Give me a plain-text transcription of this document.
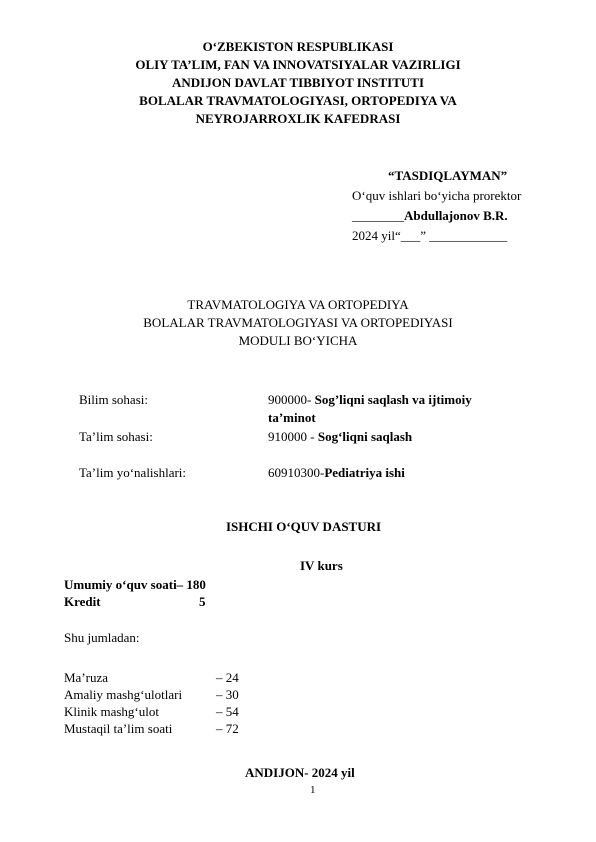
O‘ZBEKISTON RESPUBLIKASI
OLIY TA’LIM, FAN VA INNOVATSIYALAR VAZIRLIGI
ANDIJON DAVLAT TIBBIYOT INSTITUTI
BOLALAR TRAVMATOLOGIYASI, ORTOPEDIYA VA
NEYROJARROXLIK KAFEDRASI
“TASDIQLAYMAN”
O‘quv ishlari bo‘yicha prorektor
________Abdullajonov B.R.
2024 yil“___” ____________
TRAVMATOLOGIYA VA ORTOPEDIYA
BOLALAR TRAVMATOLOGIYASI VA ORTOPEDIYASI
MODULI BO‘YICHA
Bilim sohasi:	900000- Sog’liqni saqlash va ijtimoiy
ta’minot
Ta’lim sohasi:	910000 - Sog‘liqni saqlash
Ta’lim yo‘nalishlari:	60910300-Pediatriya ishi
ISHCHI O‘QUV DASTURI
IV kurs
Umumiy o‘quv soati– 180
Kredit	5
Shu jumladan:
Ma’ruza	– 24
Amaliy mashg‘ulotlari	– 30
Klinik mashg‘ulot	– 54
Mustaqil ta’lim soati	– 72
ANDIJON- 2024 yil
1
